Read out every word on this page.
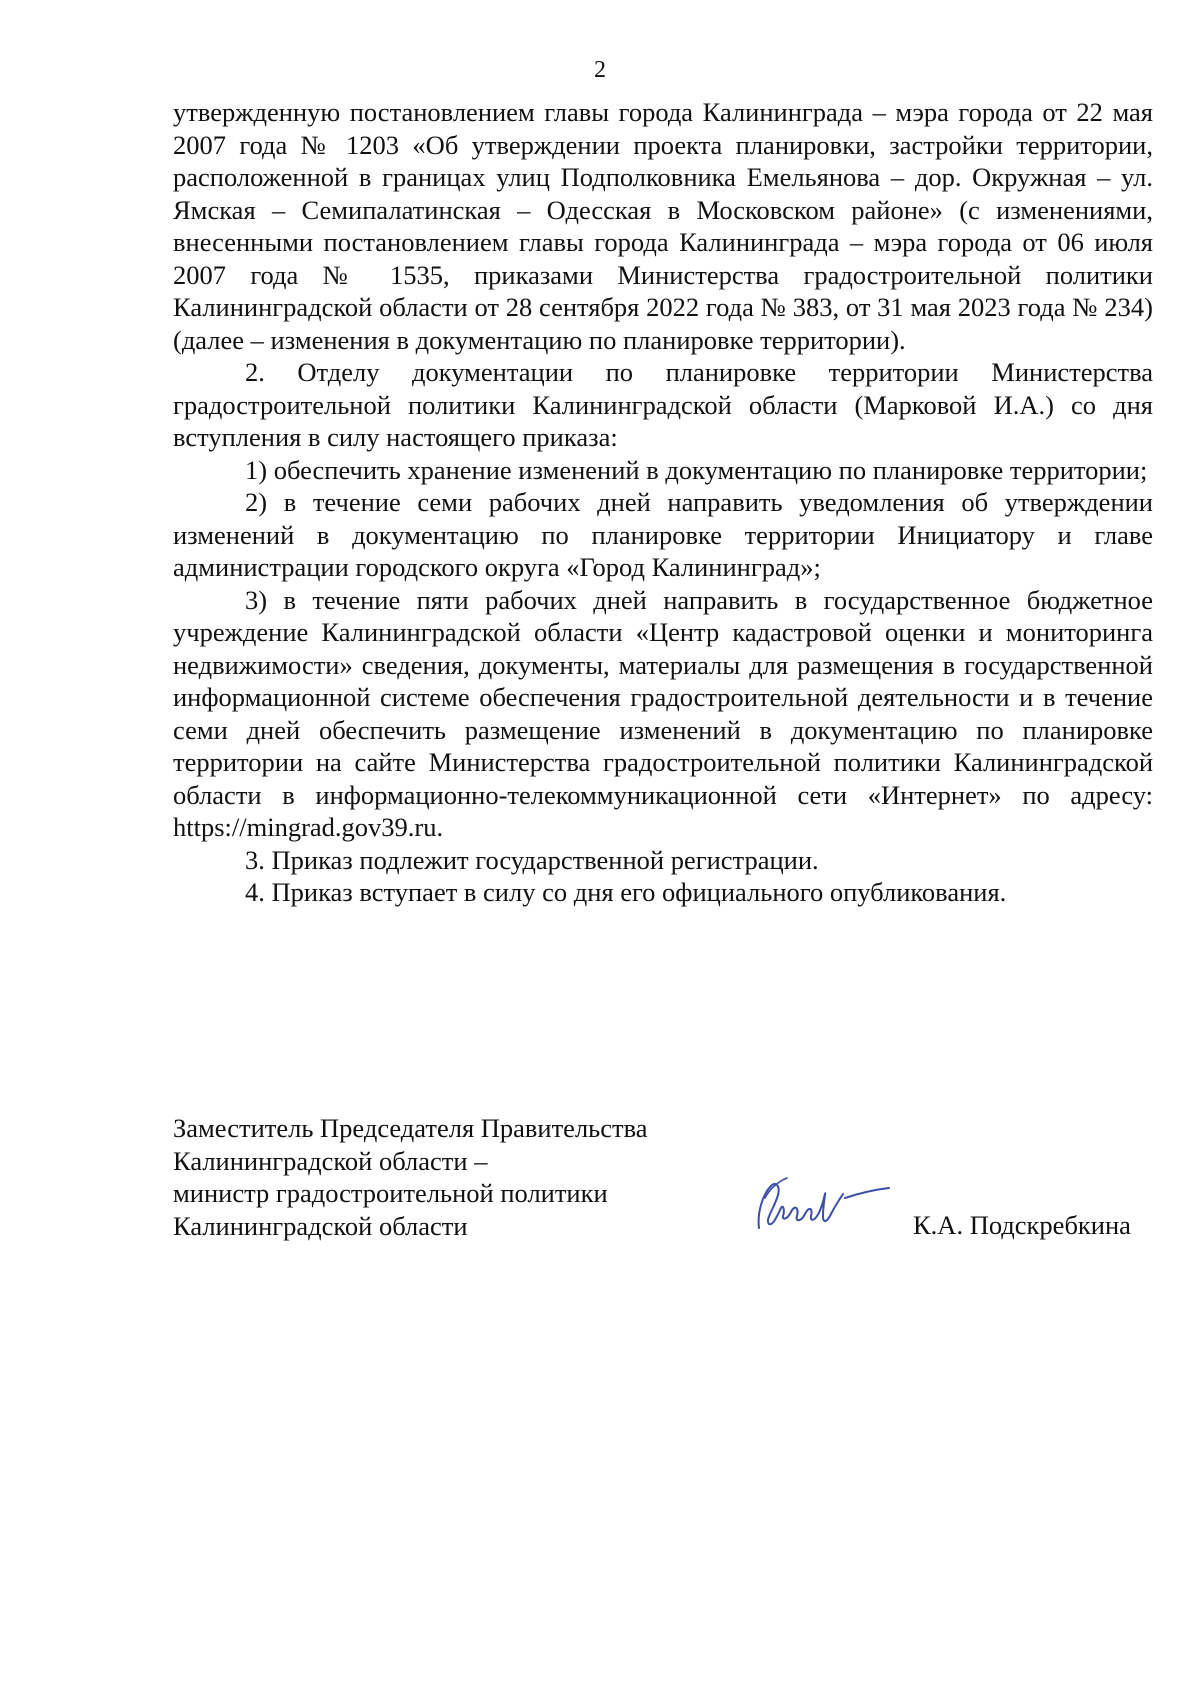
2

утвержденную постановлением главы города Калининграда – мэра города от 22 мая 2007 года № 1203 «Об утверждении проекта планировки, застройки территории, расположенной в границах улиц Подполковника Емельянова – дор. Окружная – ул. Ямская – Семипалатинская – Одесская в Московском районе» (с изменениями, внесенными постановлением главы города Калининграда – мэра города от 06 июля 2007 года № 1535, приказами Министерства градостроительной политики Калининградской области от 28 сентября 2022 года № 383, от 31 мая 2023 года № 234) (далее – изменения в документацию по планировке территории).

2. Отделу документации по планировке территории Министерства градостроительной политики Калининградской области (Марковой И.А.) со дня вступления в силу настоящего приказа:

1) обеспечить хранение изменений в документацию по планировке территории;

2) в течение семи рабочих дней направить уведомления об утверждении изменений в документацию по планировке территории Инициатору и главе администрации городского округа «Город Калининград»;

3) в течение пяти рабочих дней направить в государственное бюджетное учреждение Калининградской области «Центр кадастровой оценки и мониторинга недвижимости» сведения, документы, материалы для размещения в государственной информационной системе обеспечения градостроительной деятельности и в течение семи дней обеспечить размещение изменений в документацию по планировке территории на сайте Министерства градостроительной политики Калининградской области в информационно-телекоммуникационной сети «Интернет» по адресу: https://mingrad.gov39.ru.

3. Приказ подлежит государственной регистрации.

4. Приказ вступает в силу со дня его официального опубликования.

Заместитель Председателя Правительства
Калининградской области –
министр градостроительной политики
Калининградской области	К.А. Подскребкина
